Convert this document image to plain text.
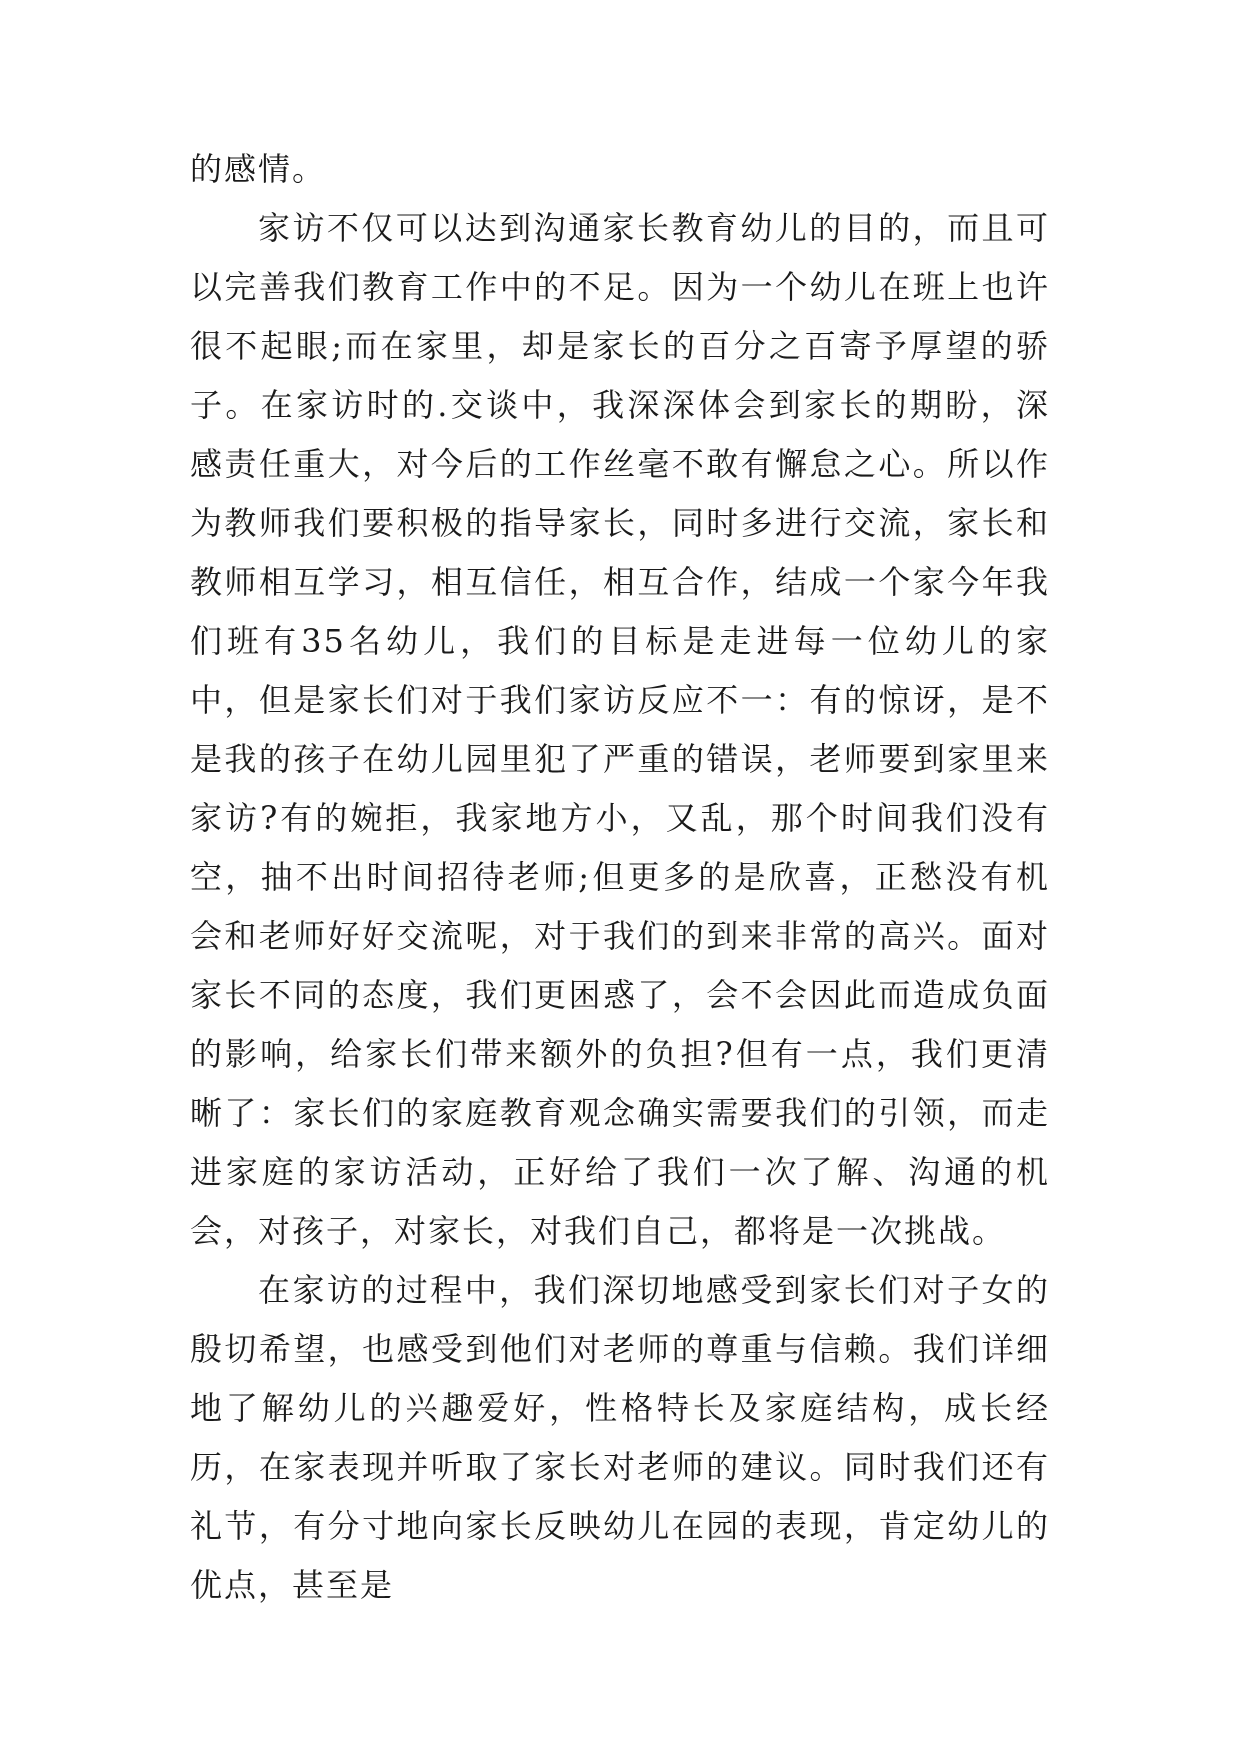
的感情。

家访不仅可以达到沟通家长教育幼儿的目的，而且可以完善我们教育工作中的不足。因为一个幼儿在班上也许很不起眼;而在家里，却是家长的百分之百寄予厚望的骄子。在家访时的.交谈中，我深深体会到家长的期盼，深感责任重大，对今后的工作丝毫不敢有懈怠之心。所以作为教师我们要积极的指导家长，同时多进行交流，家长和教师相互学习，相互信任，相互合作，结成一个家今年我们班有35名幼儿，我们的目标是走进每一位幼儿的家中，但是家长们对于我们家访反应不一：有的惊讶，是不是我的孩子在幼儿园里犯了严重的错误，老师要到家里来家访?有的婉拒，我家地方小，又乱，那个时间我们没有空，抽不出时间招待老师;但更多的是欣喜，正愁没有机会和老师好好交流呢，对于我们的到来非常的高兴。面对家长不同的态度，我们更困惑了，会不会因此而造成负面的影响，给家长们带来额外的负担?但有一点，我们更清晰了：家长们的家庭教育观念确实需要我们的引领，而走进家庭的家访活动，正好给了我们一次了解、沟通的机会，对孩子，对家长，对我们自己，都将是一次挑战。

在家访的过程中，我们深切地感受到家长们对子女的殷切希望，也感受到他们对老师的尊重与信赖。我们详细地了解幼儿的兴趣爱好，性格特长及家庭结构，成长经历，在家表现并听取了家长对老师的建议。同时我们还有礼节，有分寸地向家长反映幼儿在园的表现，肯定幼儿的优点，甚至是
